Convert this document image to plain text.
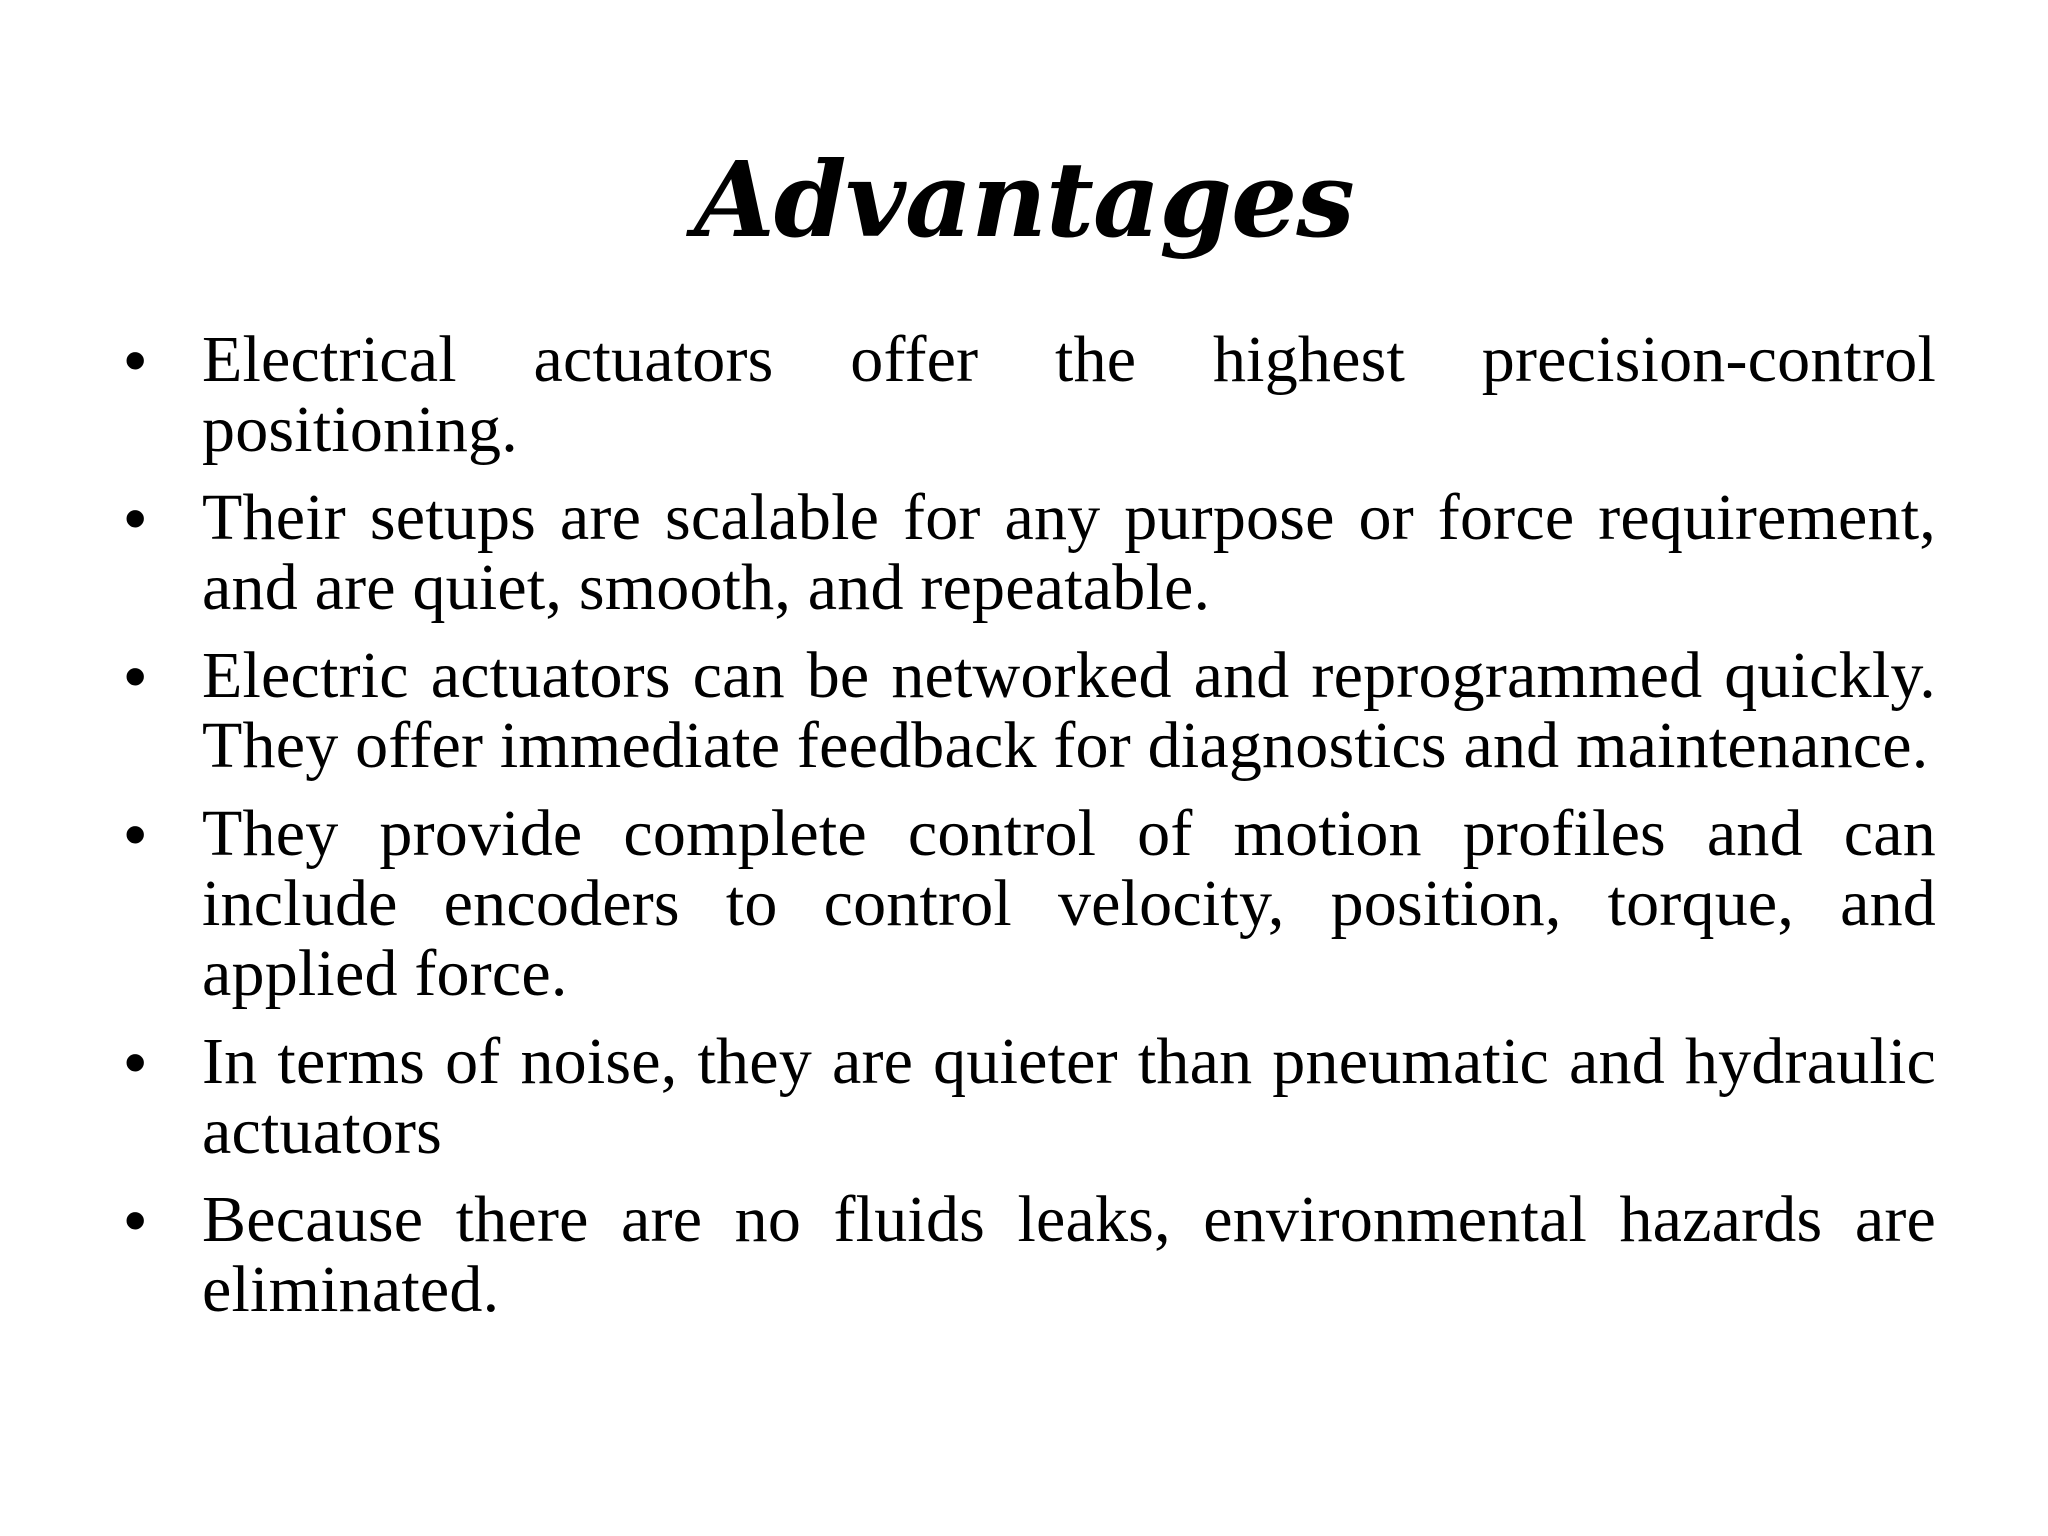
Advantages
• Electrical actuators offer the highest precision-control positioning.
• Their setups are scalable for any purpose or force requirement, and are quiet, smooth, and repeatable.
• Electric actuators can be networked and reprogrammed quickly. They offer immediate feedback for diagnostics and maintenance.
• They provide complete control of motion profiles and can include encoders to control velocity, position, torque, and applied force.
• In terms of noise, they are quieter than pneumatic and hydraulic actuators
• Because there are no fluids leaks, environmental hazards are eliminated.
